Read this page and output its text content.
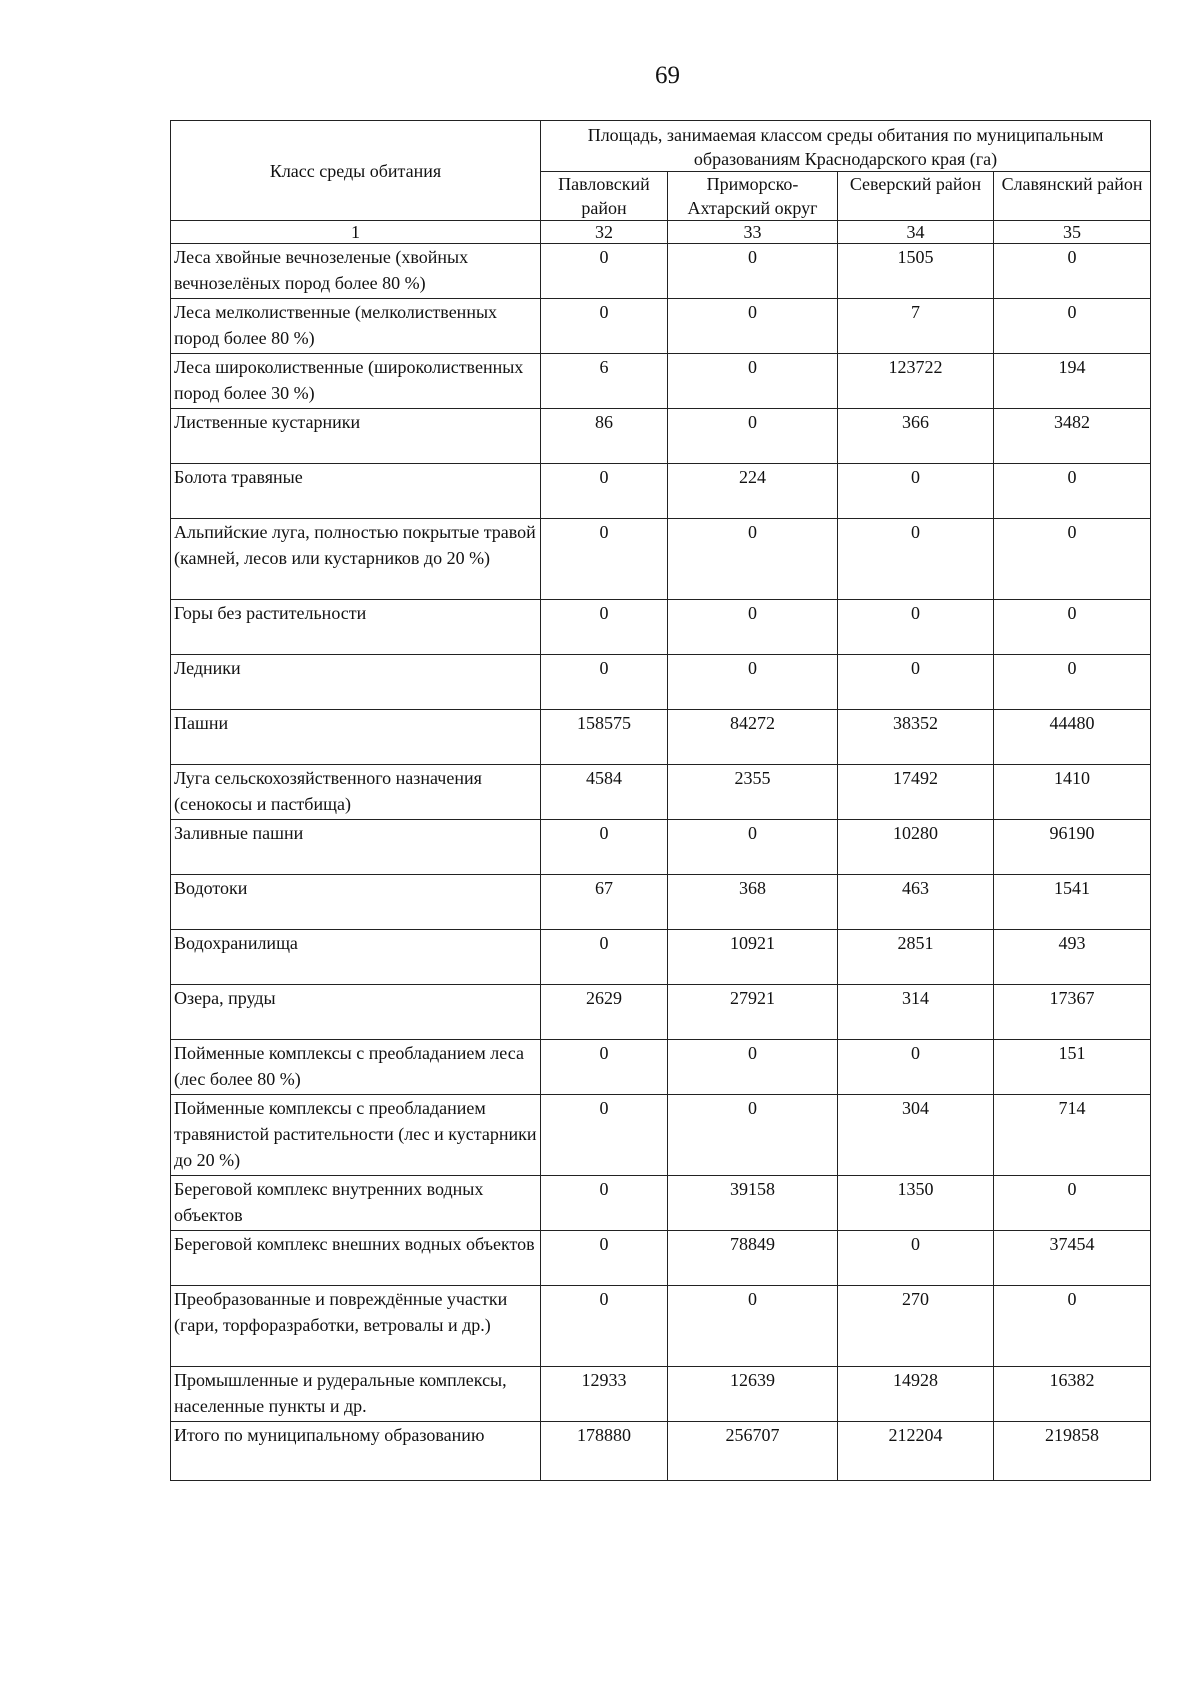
69
Класс среды обитания	Площадь, занимаемая классом среды обитания по муниципальным образованиям Краснодарского края (га)			
	Павловский район	Приморско-Ахтарский округ	Северский район	Славянский район
1	32	33	34	35
Леса хвойные вечнозеленые (хвойных вечнозелёных пород более 80 %)	0	0	1505	0
Леса мелколиственные (мелколиственных пород более 80 %)	0	0	7	0
Леса широколиственные (широколиственных пород более 30 %)	6	0	123722	194
Лиственные кустарники	86	0	366	3482
Болота травяные	0	224	0	0
Альпийские луга, полностью покрытые травой (камней, лесов или кустарников до 20 %)	0	0	0	0
Горы без растительности	0	0	0	0
Ледники	0	0	0	0
Пашни	158575	84272	38352	44480
Луга сельскохозяйственного назначения (сенокосы и пастбища)	4584	2355	17492	1410
Заливные пашни	0	0	10280	96190
Водотоки	67	368	463	1541
Водохранилища	0	10921	2851	493
Озера, пруды	2629	27921	314	17367
Пойменные комплексы с преобладанием леса (лес более 80 %)	0	0	0	151
Пойменные комплексы с преобладанием травянистой растительности (лес и кустарники до 20 %)	0	0	304	714
Береговой комплекс внутренних водных объектов	0	39158	1350	0
Береговой комплекс внешних водных объектов	0	78849	0	37454
Преобразованные и повреждённые участки (гари, торфоразработки, ветровалы и др.)	0	0	270	0
Промышленные и рудеральные комплексы, населенные пункты и др.	12933	12639	14928	16382
Итого по муниципальному образованию	178880	256707	212204	219858
